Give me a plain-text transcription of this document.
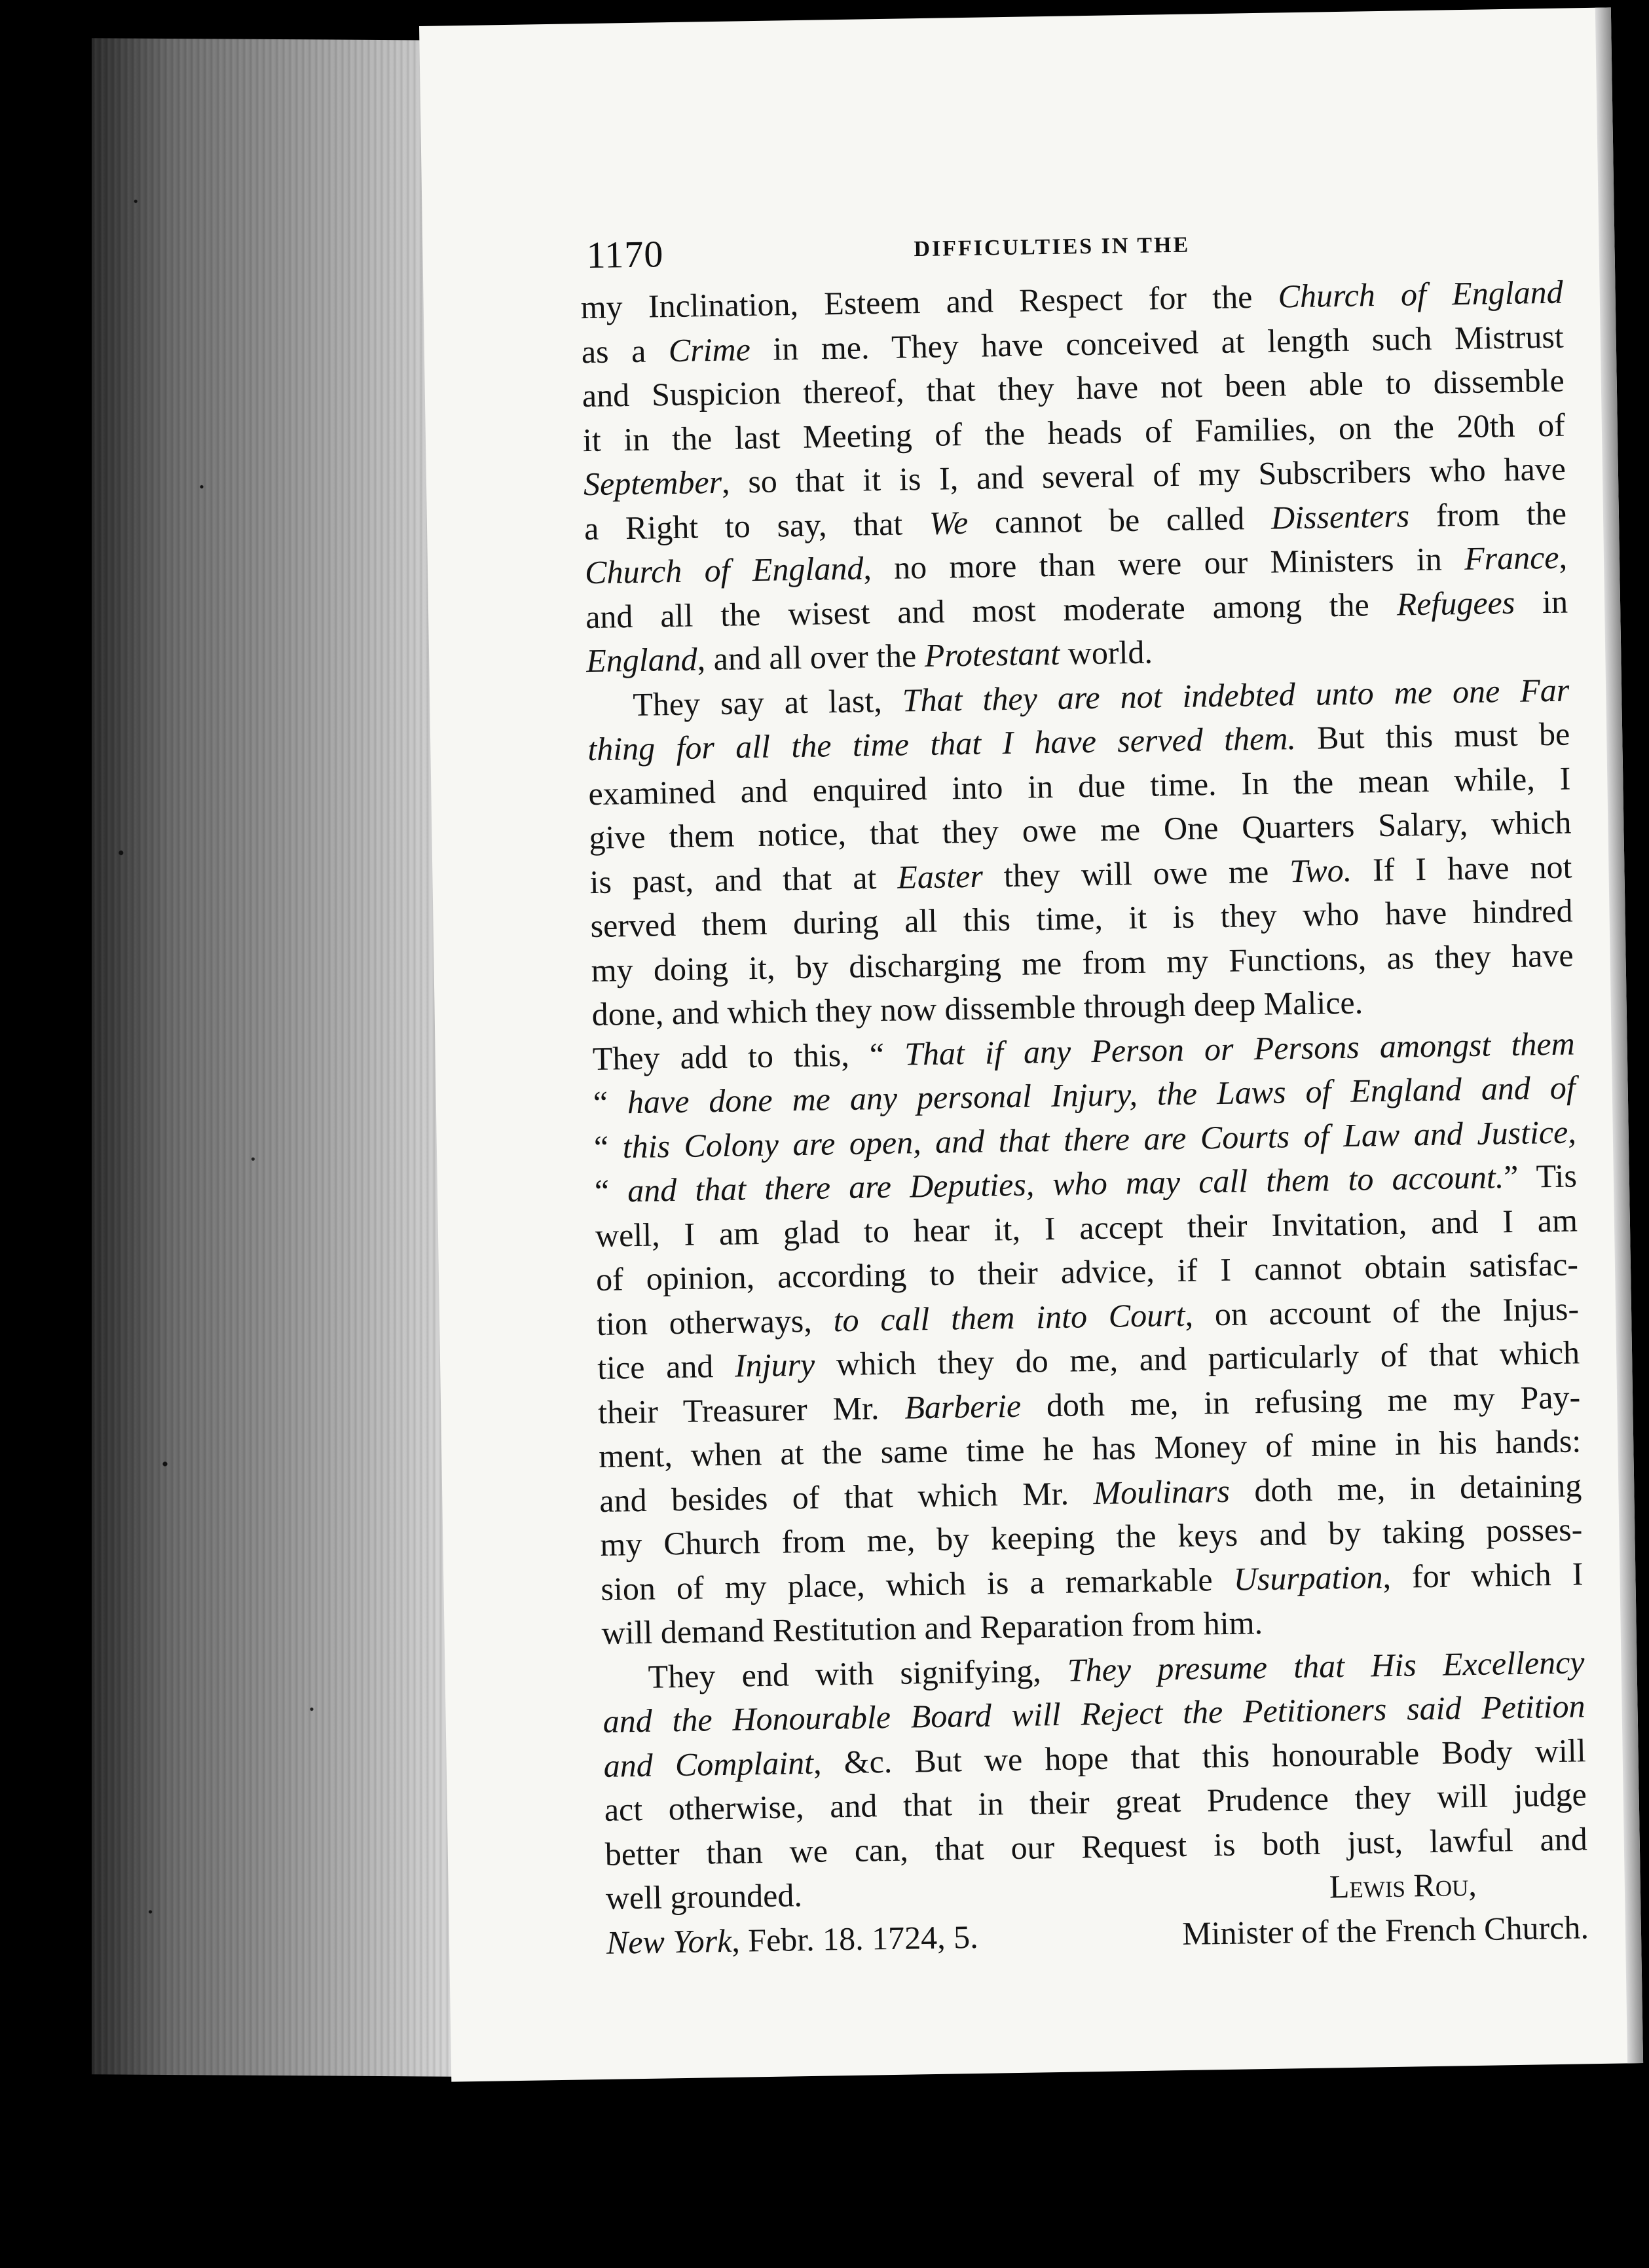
1170	DIFFICULTIES IN THE
my Inclination, Esteem and Respect for the Church of England
as a Crime in me. They have conceived at length such Mistrust
and Suspicion thereof, that they have not been able to dissemble
it in the last Meeting of the heads of Families, on the 20th of
September, so that it is I, and several of my Subscribers who have
a Right to say, that We cannot be called Dissenters from the
Church of England, no more than were our Ministers in France,
and all the wisest and most moderate among the Refugees in
England, and all over the Protestant world.
They say at last, That they are not indebted unto me one Far
thing for all the time that I have served them. But this must be
examined and enquired into in due time. In the mean while, I
give them notice, that they owe me One Quarters Salary, which
is past, and that at Easter they will owe me Two. If I have not
served them during all this time, it is they who have hindred
my doing it, by discharging me from my Functions, as they have
done, and which they now dissemble through deep Malice.
They add to this, “ That if any Person or Persons amongst them
“ have done me any personal Injury, the Laws of England and of
“ this Colony are open, and that there are Courts of Law and Justice,
“ and that there are Deputies, who may call them to account.” Tis
well, I am glad to hear it, I accept their Invitation, and I am
of opinion, according to their advice, if I cannot obtain satisfac-
tion otherways, to call them into Court, on account of the Injus-
tice and Injury which they do me, and particularly of that which
their Treasurer Mr. Barberie doth me, in refusing me my Pay-
ment, when at the same time he has Money of mine in his hands:
and besides of that which Mr. Moulinars doth me, in detaining
my Church from me, by keeping the keys and by taking posses-
sion of my place, which is a remarkable Usurpation, for which I
will demand Restitution and Reparation from him.
They end with signifying, They presume that His Excellency
and the Honourable Board will Reject the Petitioners said Petition
and Complaint, &c. But we hope that this honourable Body will
act otherwise, and that in their great Prudence they will judge
better than we can, that our Request is both just, lawful and
well grounded.	Lewis Rou,
New York, Febr. 18. 1724, 5.	Minister of the French Church.
